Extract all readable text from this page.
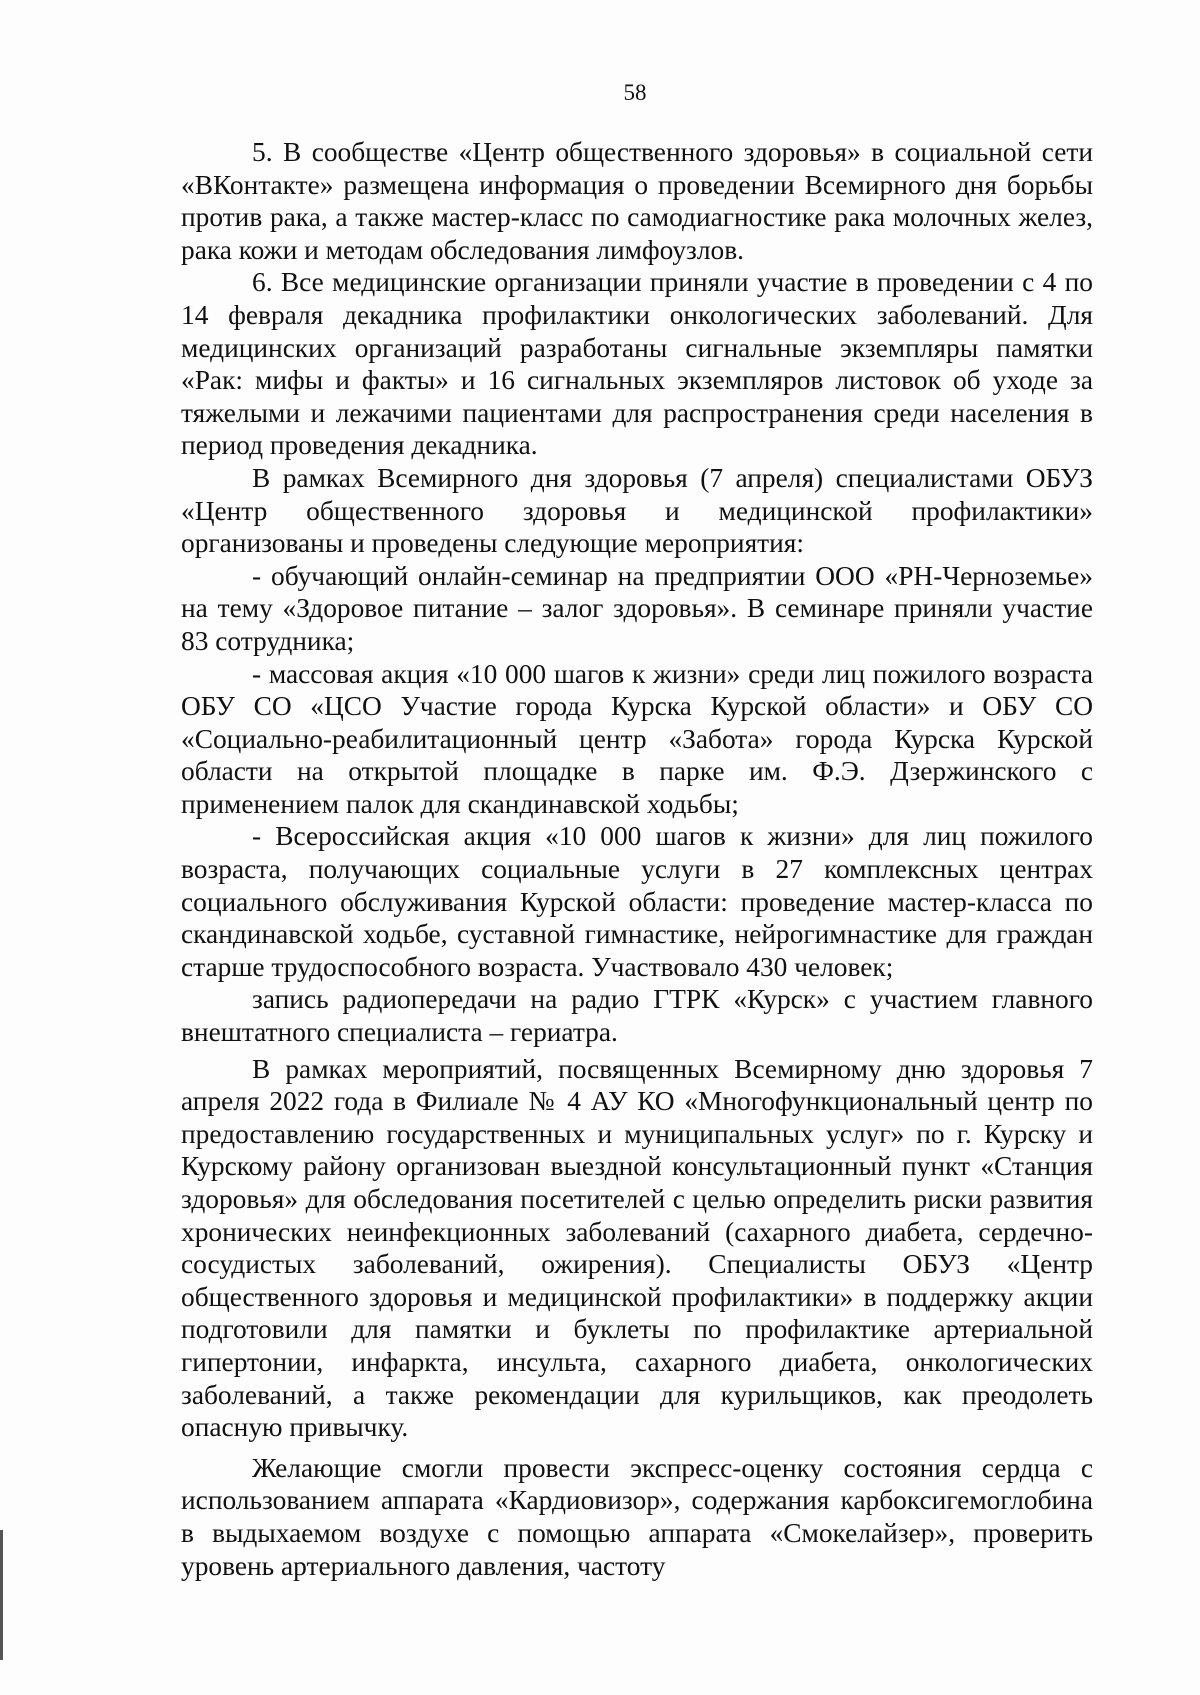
58

5. В сообществе «Центр общественного здоровья» в социальной сети «ВКонтакте» размещена информация о проведении Всемирного дня борьбы против рака, а также мастер-класс по самодиагностике рака молочных желез, рака кожи и методам обследования лимфоузлов.

6. Все медицинские организации приняли участие в проведении с 4 по 14 февраля декадника профилактики онкологических заболеваний. Для медицинских организаций разработаны сигнальные экземпляры памятки «Рак: мифы и факты» и 16 сигнальных экземпляров листовок об уходе за тяжелыми и лежачими пациентами для распространения среди населения в период проведения декадника.

В рамках Всемирного дня здоровья (7 апреля) специалистами ОБУЗ «Центр общественного здоровья и медицинской профилактики» организованы и проведены следующие мероприятия:

- обучающий онлайн-семинар на предприятии ООО «РН-Черноземье» на тему «Здоровое питание – залог здоровья». В семинаре приняли участие 83 сотрудника;

- массовая акция «10 000 шагов к жизни» среди лиц пожилого возраста ОБУ СО «ЦСО Участие города Курска Курской области» и ОБУ СО «Социально-реабилитационный центр «Забота» города Курска Курской области на открытой площадке в парке им. Ф.Э. Дзержинского с применением палок для скандинавской ходьбы;

- Всероссийская акция «10 000 шагов к жизни» для лиц пожилого возраста, получающих социальные услуги в 27 комплексных центрах социального обслуживания Курской области: проведение мастер-класса по скандинавской ходьбе, суставной гимнастике, нейрогимнастике для граждан старше трудоспособного возраста. Участвовало 430 человек;

запись радиопередачи на радио ГТРК «Курск» с участием главного внештатного специалиста – гериатра.

В рамках мероприятий, посвященных Всемирному дню здоровья 7 апреля 2022 года в Филиале № 4 АУ КО «Многофункциональный центр по предоставлению государственных и муниципальных услуг» по г. Курску и Курскому району организован выездной консультационный пункт «Станция здоровья» для обследования посетителей с целью определить риски развития хронических неинфекционных заболеваний (сахарного диабета, сердечно-сосудистых заболеваний, ожирения). Специалисты ОБУЗ «Центр общественного здоровья и медицинской профилактики» в поддержку акции подготовили для памятки и буклеты по профилактике артериальной гипертонии, инфаркта, инсульта, сахарного диабета, онкологических заболеваний, а также рекомендации для курильщиков, как преодолеть опасную привычку.

Желающие смогли провести экспресс-оценку состояния сердца с использованием аппарата «Кардиовизор», содержания карбоксигемоглобина в выдыхаемом воздухе с помощью аппарата «Смокелайзер», проверить уровень артериального давления, частоту
